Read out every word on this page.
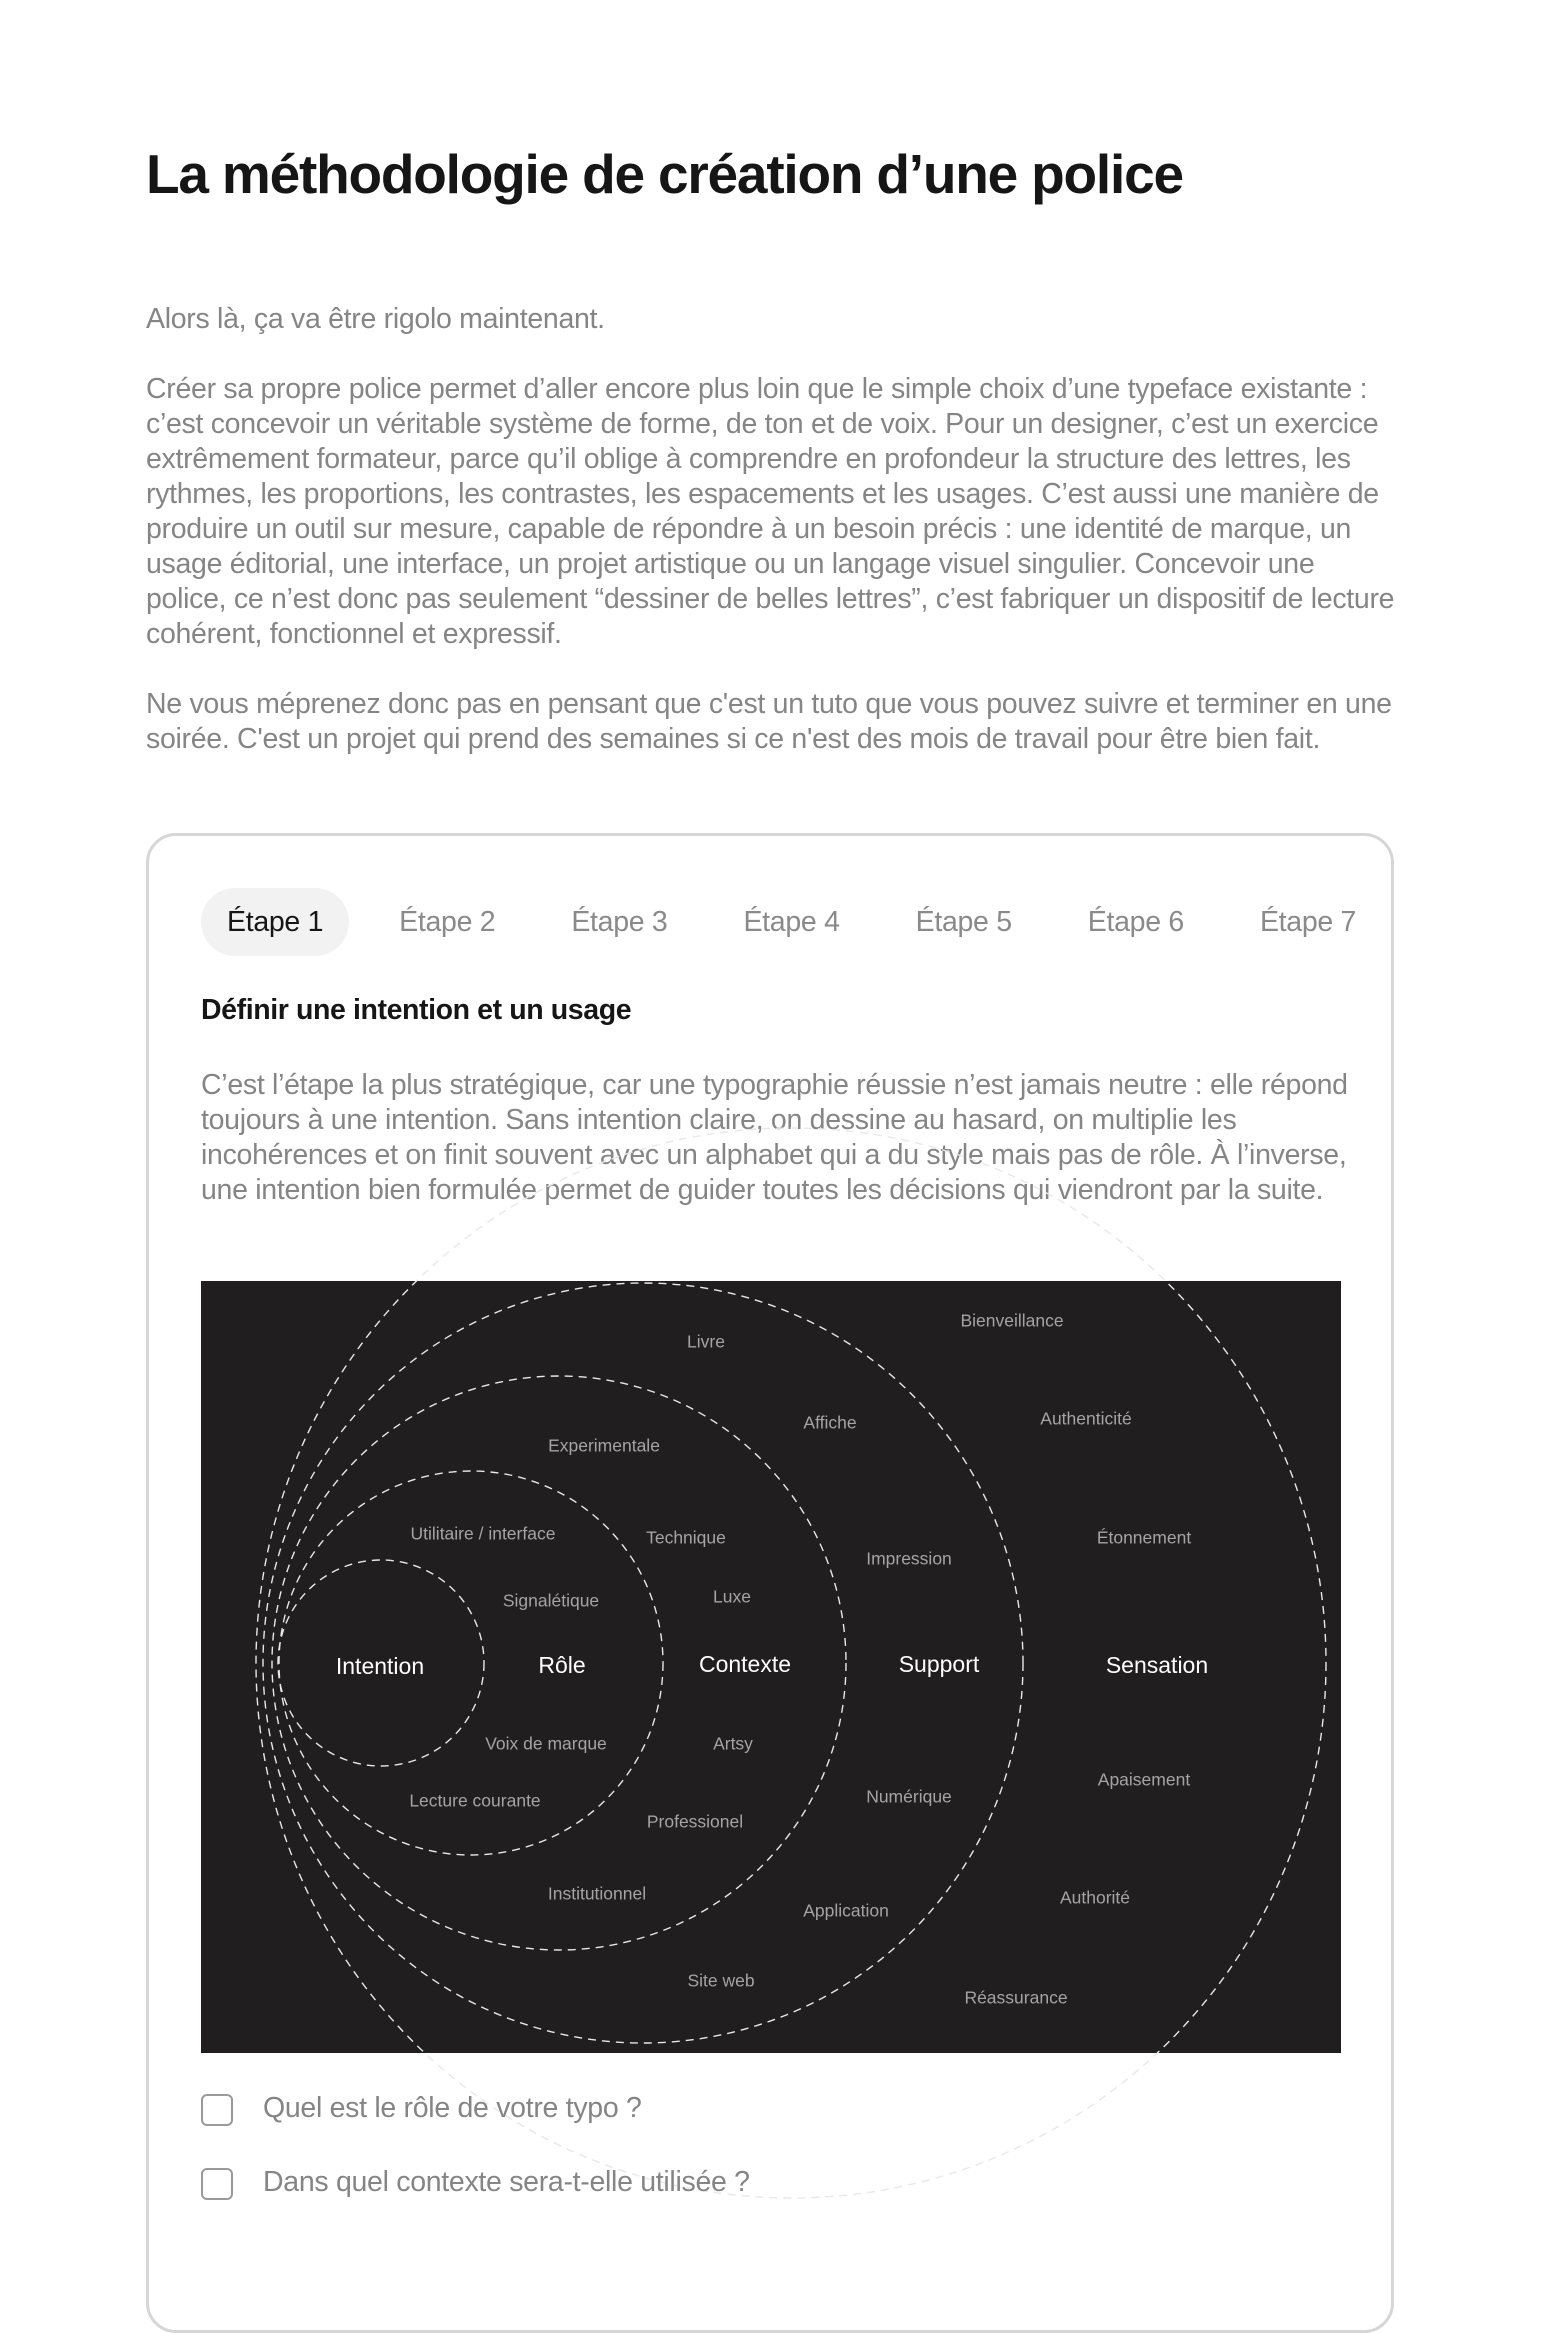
La méthodologie de création d’une police

Alors là, ça va être rigolo maintenant.

Créer sa propre police permet d’aller encore plus loin que le simple choix d’une typeface existante : c’est concevoir un véritable système de forme, de ton et de voix. Pour un designer, c’est un exercice extrêmement formateur, parce qu’il oblige à comprendre en profondeur la structure des lettres, les rythmes, les proportions, les contrastes, les espacements et les usages. C’est aussi une manière de produire un outil sur mesure, capable de répondre à un besoin précis : une identité de marque, un usage éditorial, une interface, un projet artistique ou un langage visuel singulier. Concevoir une police, ce n’est donc pas seulement “dessiner de belles lettres”, c’est fabriquer un dispositif de lecture cohérent, fonctionnel et expressif.

Ne vous méprenez donc pas en pensant que c'est un tuto que vous pouvez suivre et terminer en une soirée. C'est un projet qui prend des semaines si ce n'est des mois de travail pour être bien fait.

Étape 1	Étape 2	Étape 3	Étape 4	Étape 5	Étape 6	Étape 7
Définir une intention et un usage

C’est l’étape la plus stratégique, car une typographie réussie n’est jamais neutre : elle répond toujours à une intention. Sans intention claire, on dessine au hasard, on multiplie les incohérences et on finit souvent avec un alphabet qui a du style mais pas de rôle. À l’inverse, une intention bien formulée permet de guider toutes les décisions qui viendront par la suite.

Intention	Rôle	Contexte	Support	Sensation
Utilitaire / interface
Signalétique
Voix de marque
Lecture courante
Experimentale
Technique
Luxe
Artsy
Professionel
Institutionnel
Livre
Affiche
Impression
Numérique
Application
Site web
Bienveillance
Authenticité
Étonnement
Apaisement
Authorité
Réassurance
Quel est le rôle de votre typo ?
Dans quel contexte sera-t-elle utilisée ?
